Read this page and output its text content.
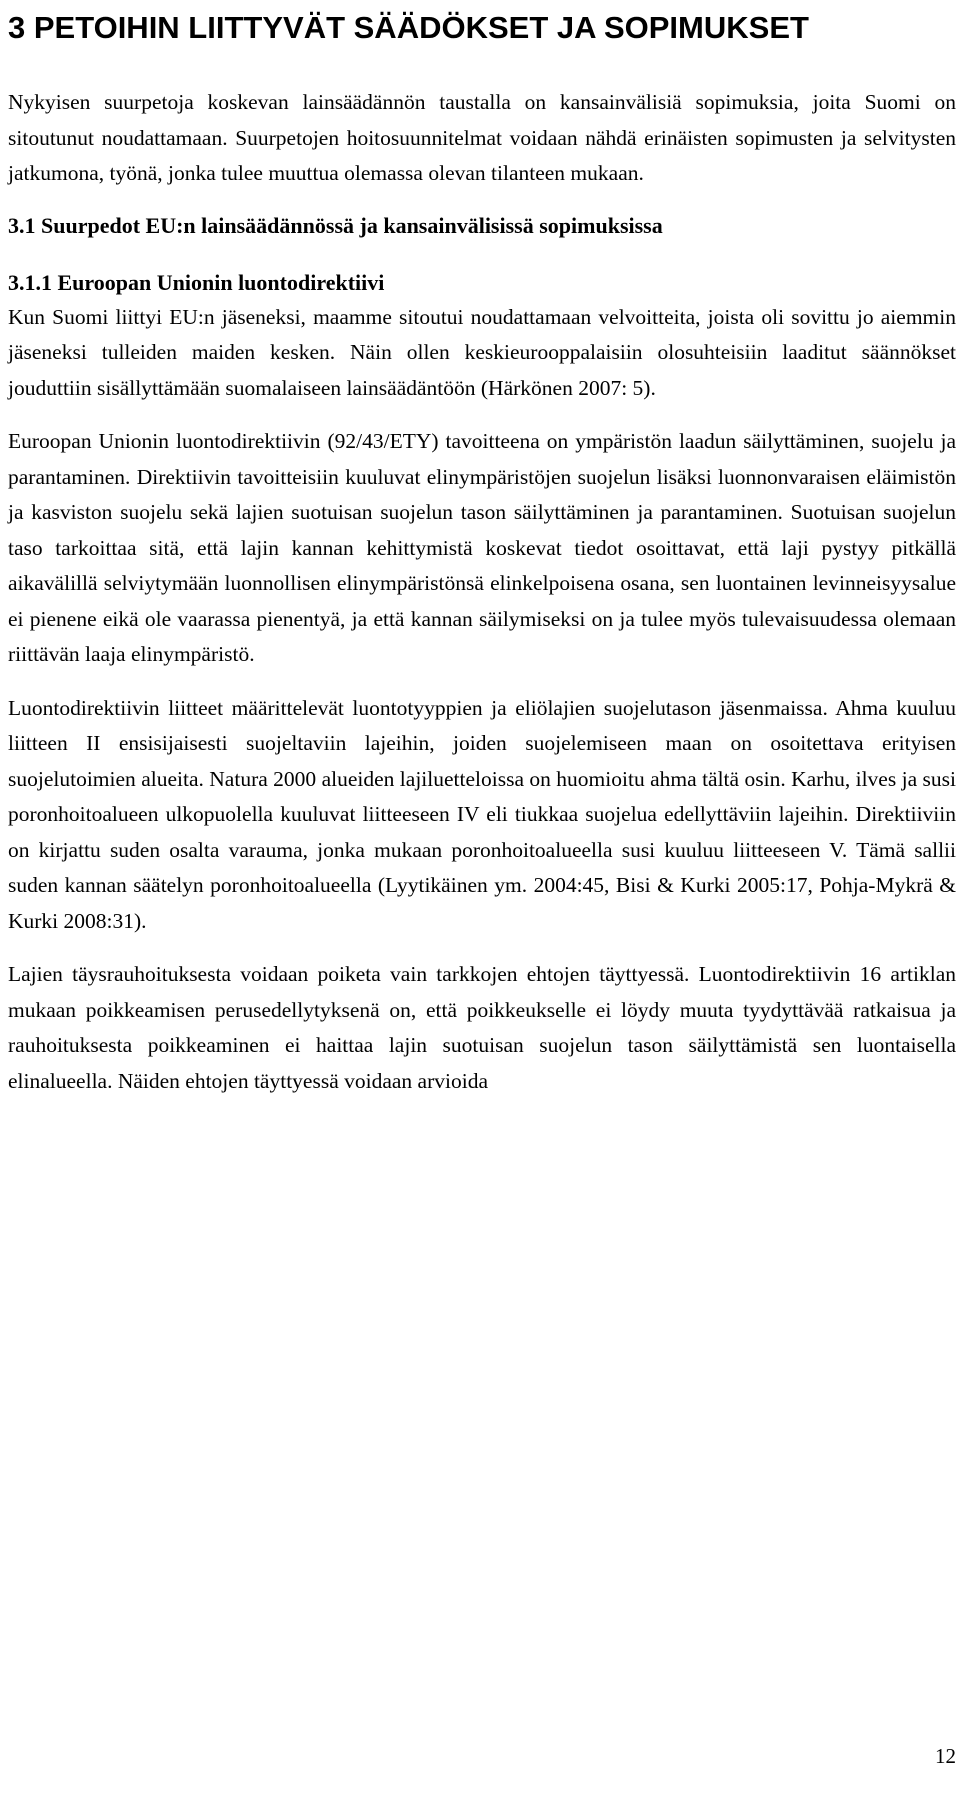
3 PETOIHIN LIITTYVÄT SÄÄDÖKSET JA SOPIMUKSET

Nykyisen suurpetoja koskevan lainsäädännön taustalla on kansainvälisiä sopimuksia, joita Suomi on sitoutunut noudattamaan. Suurpetojen hoitosuunnitelmat voidaan nähdä erinäisten sopimusten ja selvitysten jatkumona, työnä, jonka tulee muuttua olemassa olevan tilanteen mukaan.

3.1 Suurpedot EU:n lainsäädännössä ja kansainvälisissä sopimuksissa
3.1.1 Euroopan Unionin luontodirektiivi

Kun Suomi liittyi EU:n jäseneksi, maamme sitoutui noudattamaan velvoitteita, joista oli sovittu jo aiemmin jäseneksi tulleiden maiden kesken. Näin ollen keskieurooppalaisiin olosuhteisiin laaditut säännökset jouduttiin sisällyttämään suomalaiseen lainsäädäntöön (Härkönen 2007: 5).

Euroopan Unionin luontodirektiivin (92/43/ETY) tavoitteena on ympäristön laadun säilyttäminen, suojelu ja parantaminen. Direktiivin tavoitteisiin kuuluvat elinympäristöjen suojelun lisäksi luonnonvaraisen eläimistön ja kasviston suojelu sekä lajien suotuisan suojelun tason säilyttäminen ja parantaminen. Suotuisan suojelun taso tarkoittaa sitä, että lajin kannan kehittymistä koskevat tiedot osoittavat, että laji pystyy pitkällä aikavälillä selviytymään luonnollisen elinympäristönsä elinkelpoisena osana, sen luontainen levinneisyysalue ei pienene eikä ole vaarassa pienentyä, ja että kannan säilymiseksi on ja tulee myös tulevaisuudessa olemaan riittävän laaja elinympäristö.

Luontodirektiivin liitteet määrittelevät luontotyyppien ja eliölajien suojelutason jäsenmaissa. Ahma kuuluu liitteen II ensisijaisesti suojeltaviin lajeihin, joiden suojelemiseen maan on osoitettava erityisen suojelutoimien alueita. Natura 2000 alueiden lajiluetteloissa on huomioitu ahma tältä osin. Karhu, ilves ja susi poronhoitoalueen ulkopuolella kuuluvat liitteeseen IV eli tiukkaa suojelua edellyttäviin lajeihin. Direktiiviin on kirjattu suden osalta varauma, jonka mukaan poronhoitoalueella susi kuuluu liitteeseen V. Tämä sallii suden kannan säätelyn poronhoitoalueella (Lyytikäinen ym. 2004:45, Bisi & Kurki 2005:17, Pohja-Mykrä & Kurki 2008:31).

Lajien täysrauhoituksesta voidaan poiketa vain tarkkojen ehtojen täyttyessä. Luontodirektiivin 16 artiklan mukaan poikkeamisen perusedellytyksenä on, että poikkeukselle ei löydy muuta tyydyttävää ratkaisua ja rauhoituksesta poikkeaminen ei haittaa lajin suotuisan suojelun tason säilyttämistä sen luontaisella elinalueella. Näiden ehtojen täyttyessä voidaan arvioida

12
